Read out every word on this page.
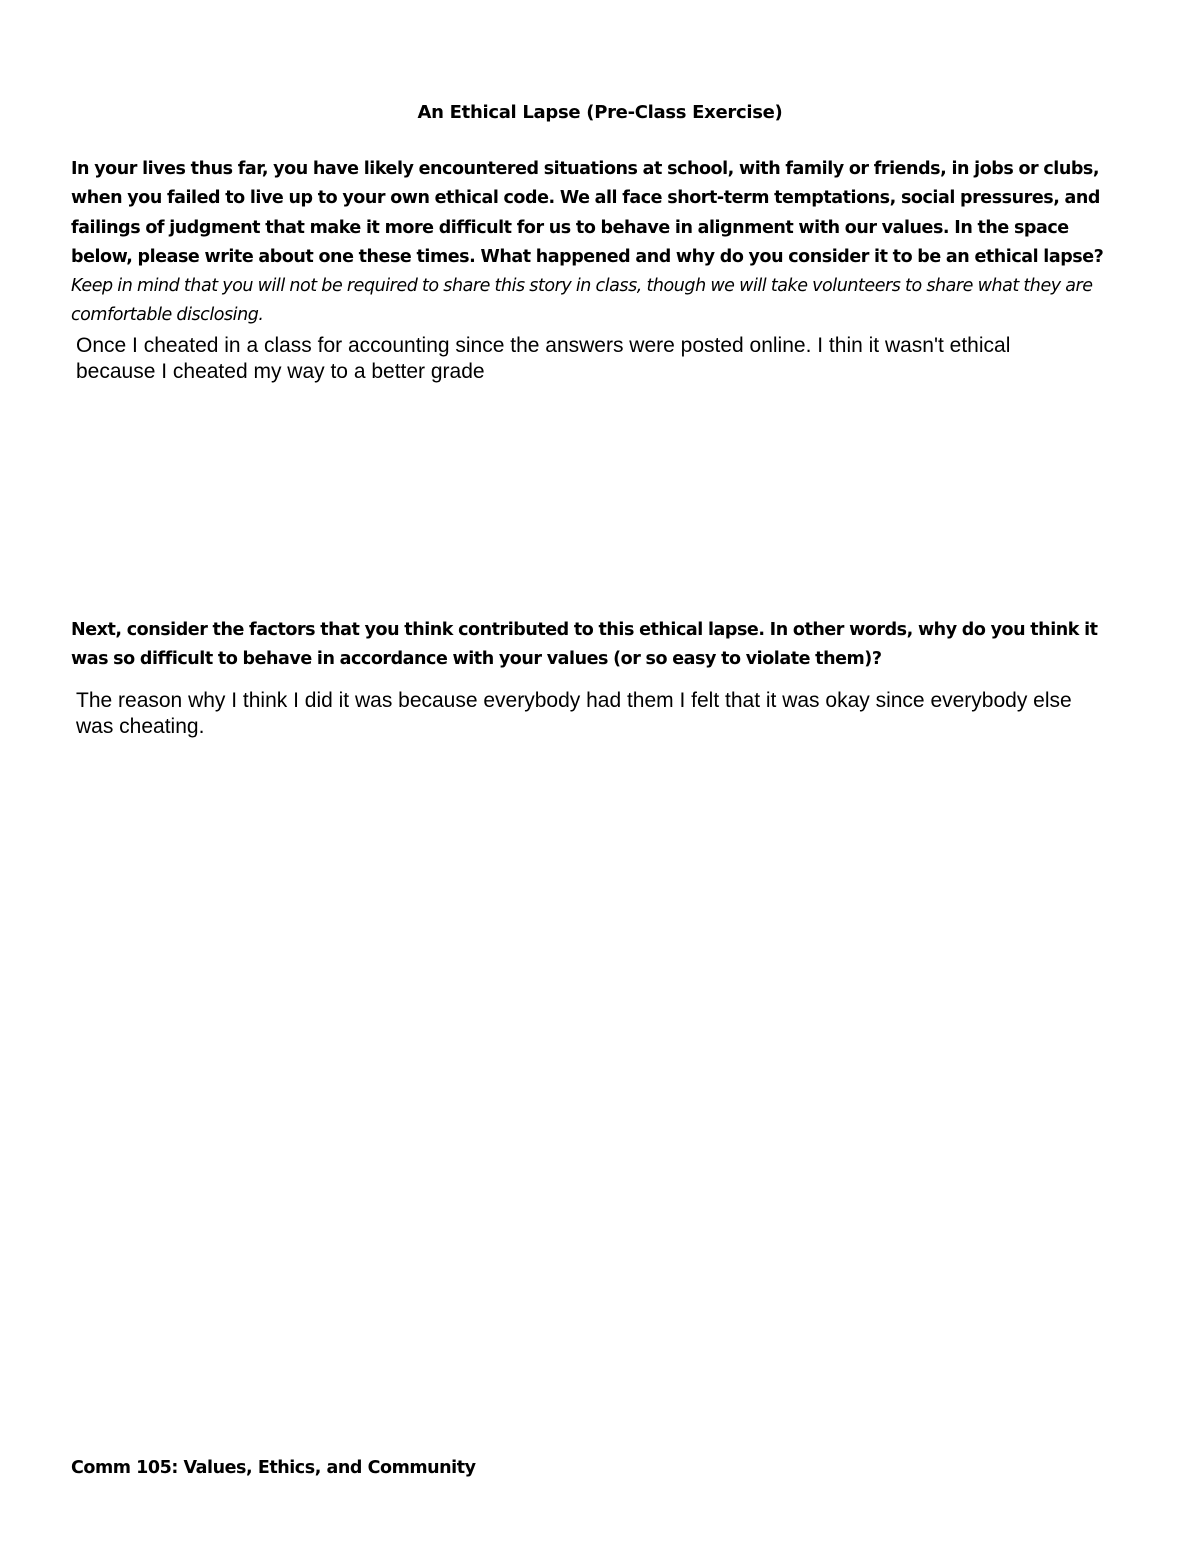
An Ethical Lapse (Pre-Class Exercise)

In your lives thus far, you have likely encountered situations at school, with family or friends, in jobs or clubs, when you failed to live up to your own ethical code. We all face short-term temptations, social pressures, and failings of judgment that make it more difficult for us to behave in alignment with our values. In the space below, please write about one these times. What happened and why do you consider it to be an ethical lapse? Keep in mind that you will not be required to share this story in class, though we will take volunteers to share what they are comfortable disclosing.

Once I cheated in a class for accounting since the answers were posted online. I thin it wasn't ethical because I cheated my way to a better grade

Next, consider the factors that you think contributed to this ethical lapse. In other words, why do you think it was so difficult to behave in accordance with your values (or so easy to violate them)?

The reason why I think I did it was because everybody had them I felt that it was okay since everybody else was cheating.

Comm 105: Values, Ethics, and Community
